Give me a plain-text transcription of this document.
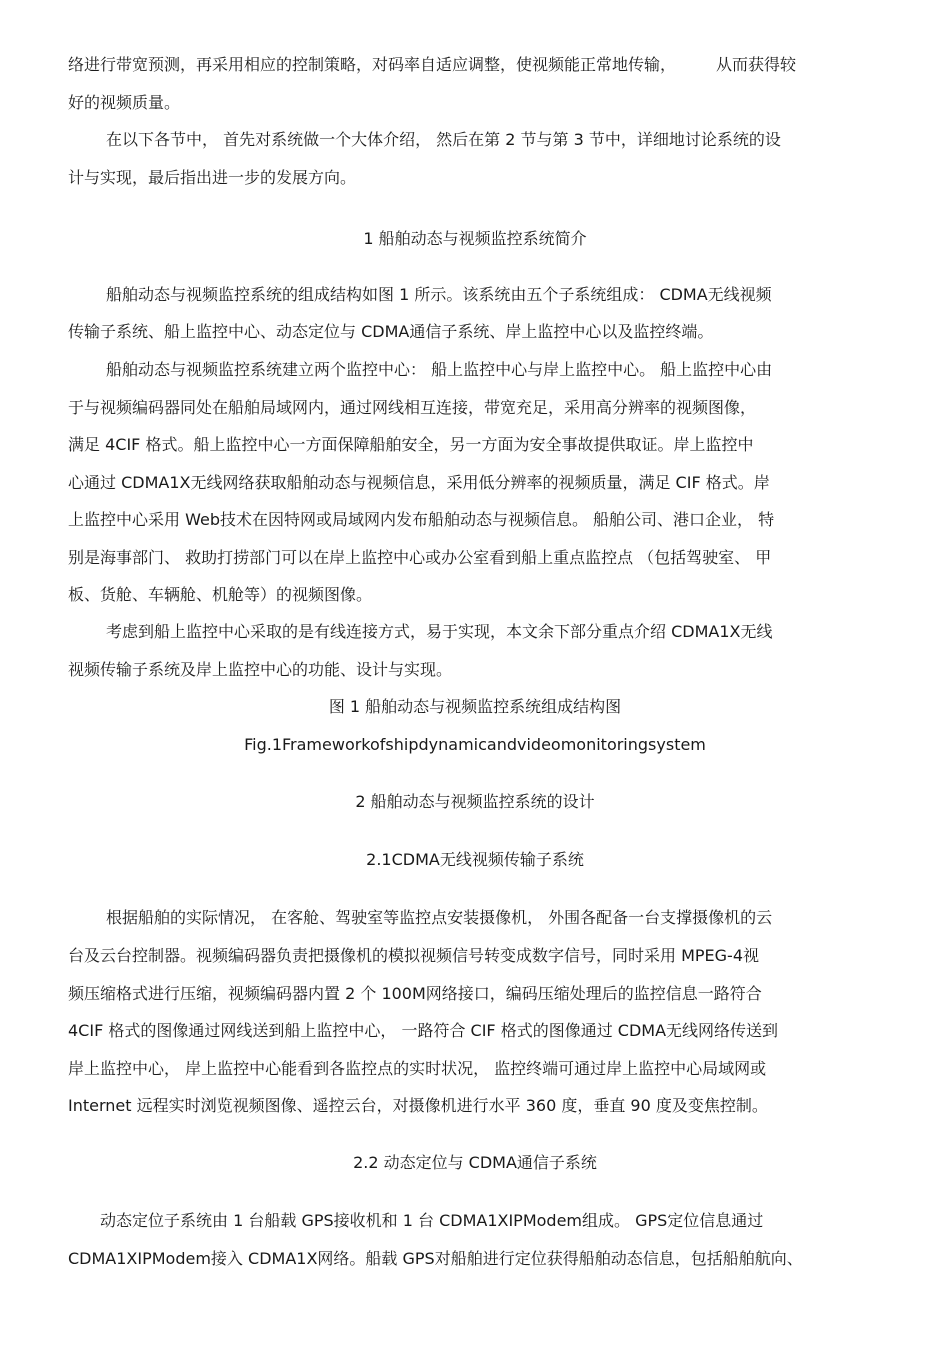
络进行带宽预测，再采用相应的控制策略，对码率自适应调整，使视频能正常地传输，　　　从而获得较
好的视频质量。
在以下各节中， 首先对系统做一个大体介绍， 然后在第 2 节与第 3 节中，详细地讨论系统的设
计与实现，最后指出进一步的发展方向。
1 船舶动态与视频监控系统简介
船舶动态与视频监控系统的组成结构如图 1 所示。该系统由五个子系统组成： CDMA无线视频
传输子系统、船上监控中心、动态定位与 CDMA通信子系统、岸上监控中心以及监控终端。
船舶动态与视频监控系统建立两个监控中心： 船上监控中心与岸上监控中心。 船上监控中心由
于与视频编码器同处在船舶局域网内，通过网线相互连接，带宽充足，采用高分辨率的视频图像，
满足 4CIF 格式。船上监控中心一方面保障船舶安全，另一方面为安全事故提供取证。岸上监控中
心通过 CDMA1X无线网络获取船舶动态与视频信息，采用低分辨率的视频质量，满足 CIF 格式。岸
上监控中心采用 Web技术在因特网或局域网内发布船舶动态与视频信息。 船舶公司、港口企业， 特
别是海事部门、 救助打捞部门可以在岸上监控中心或办公室看到船上重点监控点 （包括驾驶室、 甲
板、货舱、车辆舱、机舱等）的视频图像。
考虑到船上监控中心采取的是有线连接方式，易于实现，本文余下部分重点介绍 CDMA1X无线
视频传输子系统及岸上监控中心的功能、设计与实现。
图 1 船舶动态与视频监控系统组成结构图
Fig.1Frameworkofshipdynamicandvideomonitoringsystem
2 船舶动态与视频监控系统的设计
2.1CDMA无线视频传输子系统
根据船舶的实际情况， 在客舱、驾驶室等监控点安装摄像机， 外围各配备一台支撑摄像机的云
台及云台控制器。视频编码器负责把摄像机的模拟视频信号转变成数字信号，同时采用 MPEG-4视
频压缩格式进行压缩，视频编码器内置 2 个 100M网络接口，编码压缩处理后的监控信息一路符合
4CIF 格式的图像通过网线送到船上监控中心， 一路符合 CIF 格式的图像通过 CDMA无线网络传送到
岸上监控中心， 岸上监控中心能看到各监控点的实时状况， 监控终端可通过岸上监控中心局域网或
Internet 远程实时浏览视频图像、遥控云台，对摄像机进行水平 360 度，垂直 90 度及变焦控制。
2.2 动态定位与 CDMA通信子系统
动态定位子系统由 1 台船载 GPS接收机和 1 台 CDMA1XIPModem组成。 GPS定位信息通过
CDMA1XIPModem接入 CDMA1X网络。船载 GPS对船舶进行定位获得船舶动态信息，包括船舶航向、
